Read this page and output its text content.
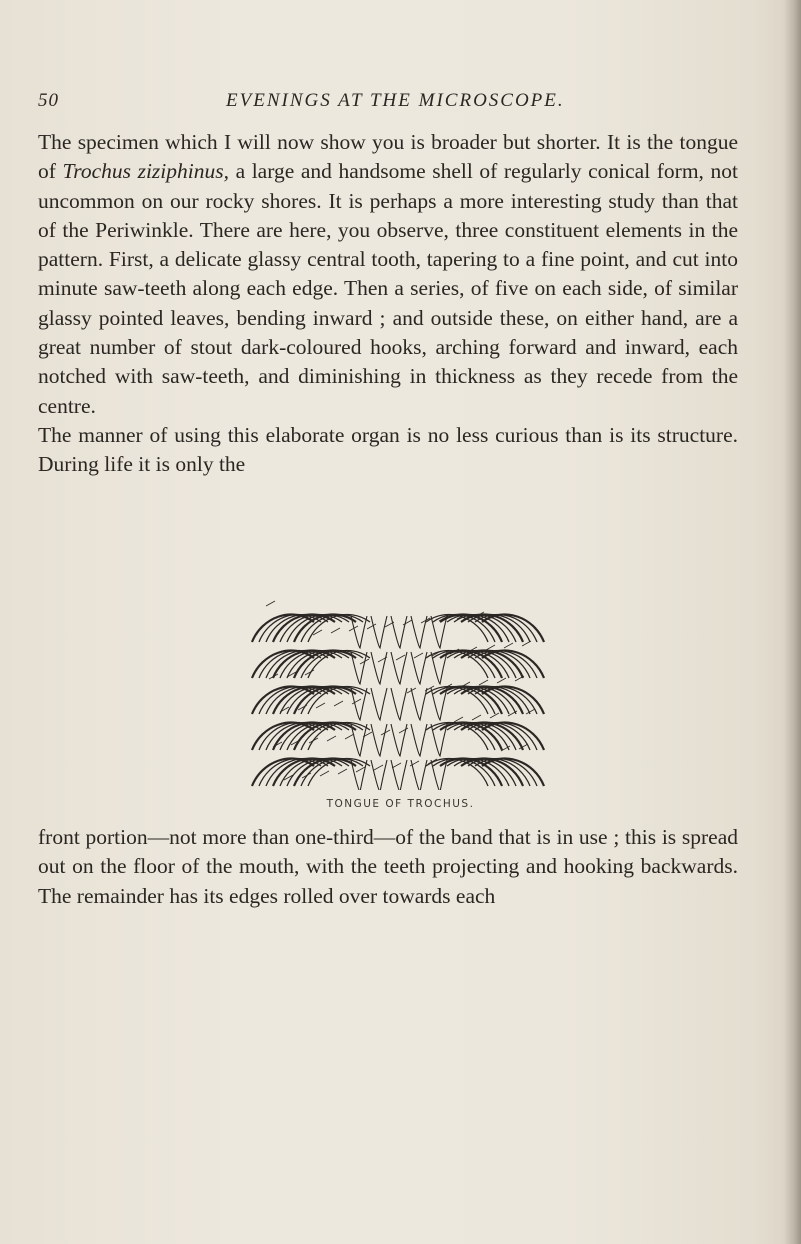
50	EVENINGS AT THE MICROSCOPE.

The specimen which I will now show you is broader but shorter. It is the tongue of Trochus ziziphinus, a large and handsome shell of regularly conical form, not uncommon on our rocky shores. It is perhaps a more interesting study than that of the Periwinkle. There are here, you observe, three constituent elements in the pattern. First, a delicate glassy central tooth, tapering to a fine point, and cut into minute saw-teeth along each edge. Then a series, of five on each side, of similar glassy pointed leaves, bending inward ; and outside these, on either hand, are a great number of stout dark-coloured hooks, arching forward and inward, each notched with saw-teeth, and diminishing in thickness as they recede from the centre.

The manner of using this elaborate organ is no less curious than is its structure. During life it is only the

TONGUE OF TROCHUS.

front portion—not more than one-third—of the band that is in use ; this is spread out on the floor of the mouth, with the teeth projecting and hooking backwards. The remainder has its edges rolled over towards each
